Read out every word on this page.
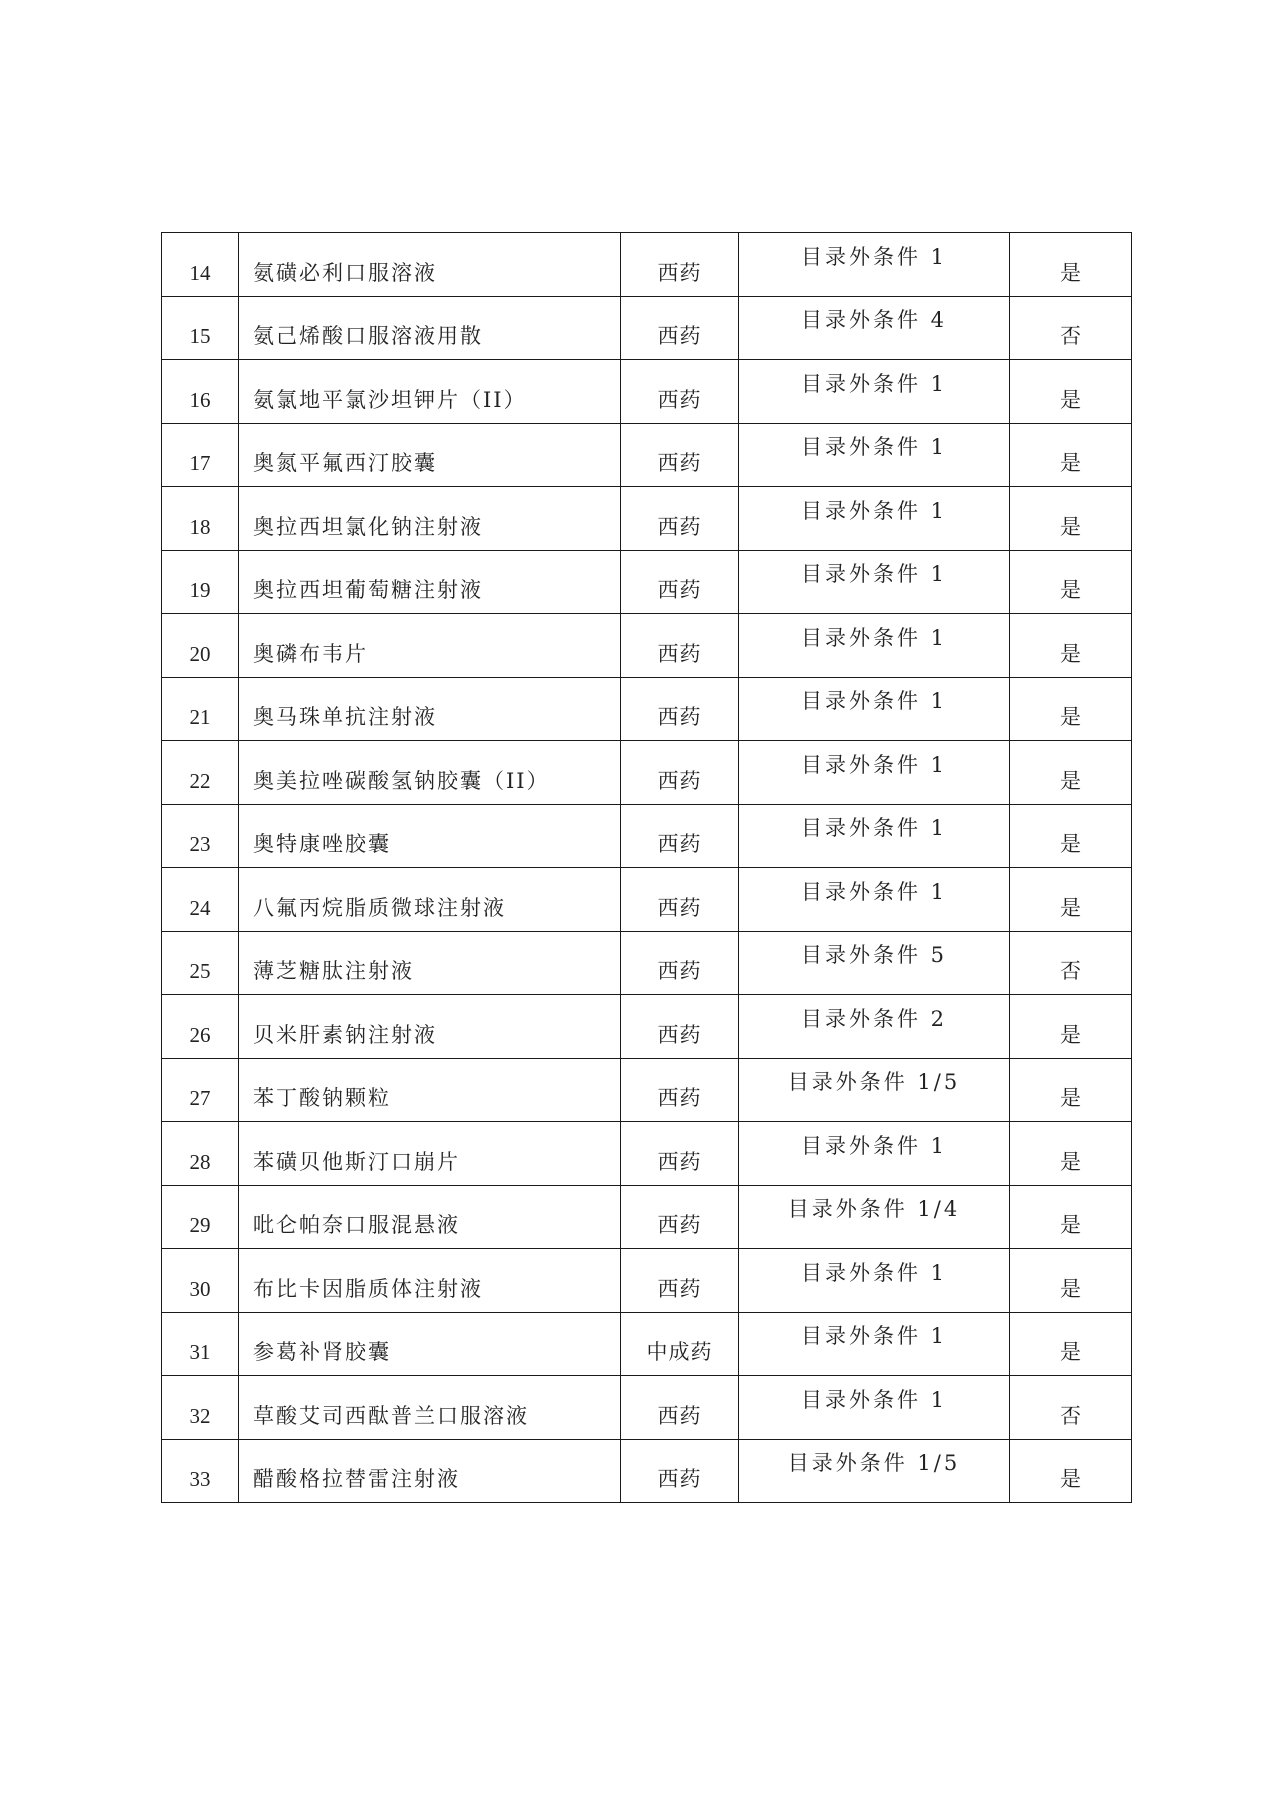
14	氨磺必利口服溶液	西药	目录外条件 1	是
15	氨己烯酸口服溶液用散	西药	目录外条件 4	否
16	氨氯地平氯沙坦钾片（II）	西药	目录外条件 1	是
17	奥氮平氟西汀胶囊	西药	目录外条件 1	是
18	奥拉西坦氯化钠注射液	西药	目录外条件 1	是
19	奥拉西坦葡萄糖注射液	西药	目录外条件 1	是
20	奥磷布韦片	西药	目录外条件 1	是
21	奥马珠单抗注射液	西药	目录外条件 1	是
22	奥美拉唑碳酸氢钠胶囊（II）	西药	目录外条件 1	是
23	奥特康唑胶囊	西药	目录外条件 1	是
24	八氟丙烷脂质微球注射液	西药	目录外条件 1	是
25	薄芝糖肽注射液	西药	目录外条件 5	否
26	贝米肝素钠注射液	西药	目录外条件 2	是
27	苯丁酸钠颗粒	西药	目录外条件 1/5	是
28	苯磺贝他斯汀口崩片	西药	目录外条件 1	是
29	吡仑帕奈口服混悬液	西药	目录外条件 1/4	是
30	布比卡因脂质体注射液	西药	目录外条件 1	是
31	参葛补肾胶囊	中成药	目录外条件 1	是
32	草酸艾司西酞普兰口服溶液	西药	目录外条件 1	否
33	醋酸格拉替雷注射液	西药	目录外条件 1/5	是
